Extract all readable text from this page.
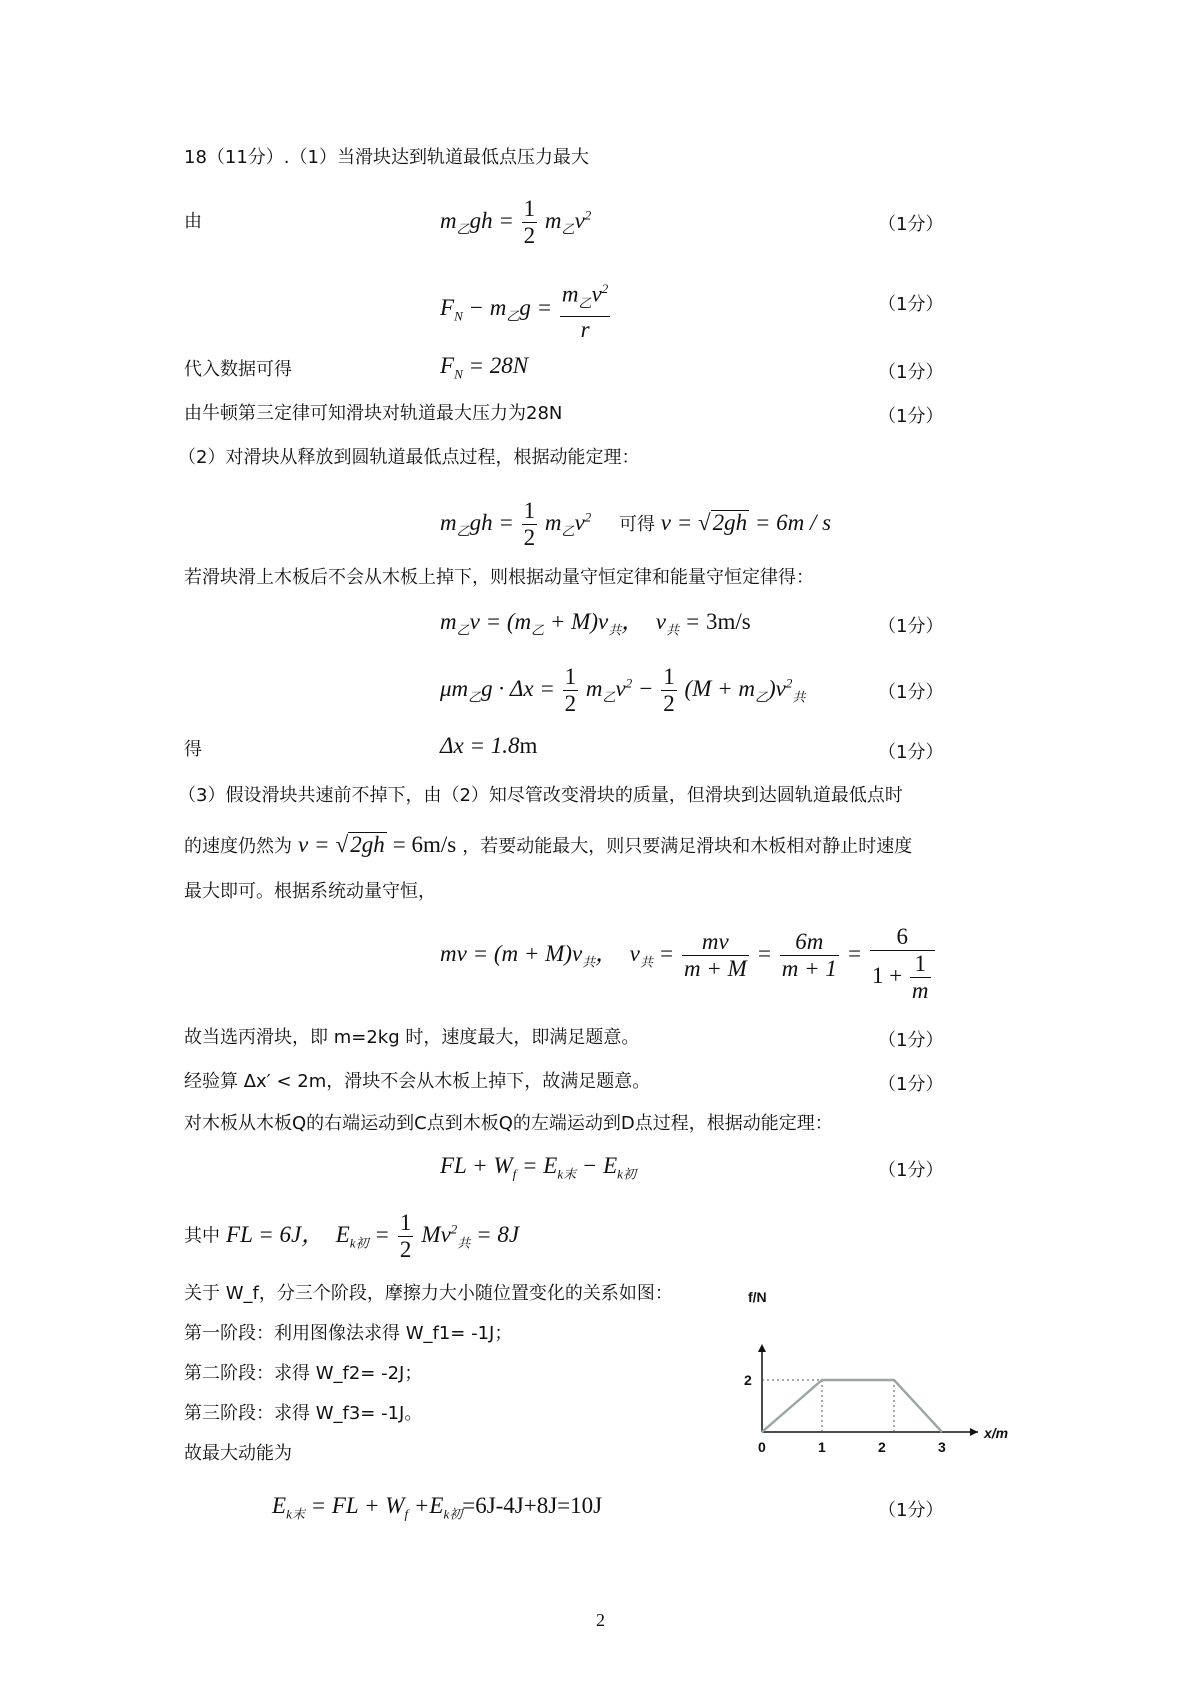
18（11分）.（1）当滑块达到轨道最低点压力最大
由	$m_乙gh = \frac{1}{2} m_乙v^2$	（1分）
$F_N - m_乙g = \frac{m_乙v^2}{r}$	（1分）
代入数据可得	$F_N = 28N$	（1分）
由牛顿第三定律可知滑块对轨道最大压力为28N	（1分）
（2）对滑块从释放到圆轨道最低点过程，根据动能定理：
$m_乙gh = \frac{1}{2} m_乙v^2$ 可得 v = √2gh = 6m / s
若滑块滑上木板后不会从木板上掉下，则根据动量守恒定律和能量守恒定律得：
$m_乙v = (m_乙 + M)v_共$，  $v_共 = 3m/s$	（1分）
$\mu m_乙g \cdot \Delta x = \frac{1}{2} m_乙v^2 - \frac{1}{2} (M + m_乙)v^2_共$	（1分）
得	Δx = 1.8m	（1分）
（3）假设滑块共速前不掉下，由（2）知尽管改变滑块的质量，但滑块到达圆轨道最低点时
的速度仍然为 v = √2gh = 6m/s ，若要动能最大，则只要满足滑块和木板相对静止时速度
最大即可。根据系统动量守恒，
mv = $(m + M)v_共$，  $v_共 = \frac{mv}{m + M} = \frac{6m}{m + 1} = \frac{6}{1 + \frac{1}{m}}$
故当选丙滑块，即 m=2kg 时，速度最大，即满足题意。	（1分）
经验算 Δx′ < 2m，滑块不会从木板上掉下，故满足题意。	（1分）
对木板从木板Q的右端运动到C点到木板Q的左端运动到D点过程，根据动能定理：
FL + $W_f = E_{k末} - E_{k初}$	（1分）
其中 FL = 6J，  $E_{k初} = \frac{1}{2} Mv^2_共 = 8J$
关于 W_f，分三个阶段，摩擦力大小随位置变化的关系如图：
第一阶段：利用图像法求得 W_f1= -1J；
第二阶段：求得 W_f2= -2J；
第三阶段：求得 W_f3= -1J。
故最大动能为
$E_{k末}$ = FL + $W_f +E_{k初}=6J-4J+8J=10J$	（1分）
0	1	2	3
2
f/N
x/m
2
